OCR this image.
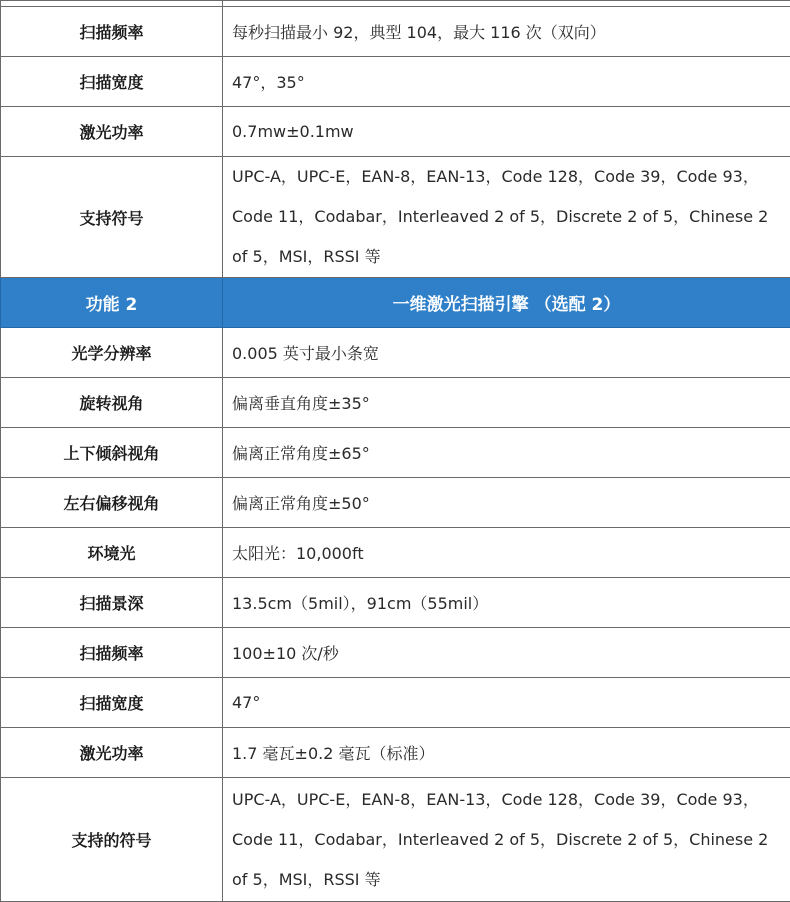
扫描频率	每秒扫描最小 92，典型 104，最大 116 次（双向）
扫描宽度	47°，35°
激光功率	0.7mw±0.1mw
支持符号	UPC-A，UPC-E，EAN-8，EAN-13，Code 128，Code 39，Code 93，Code 11，Codabar，Interleaved 2 of 5，Discrete 2 of 5，Chinese 2 of 5，MSI，RSSI 等
功能 2	一维激光扫描引擎 （选配 2）
光学分辨率	0.005 英寸最小条宽
旋转视角	偏离垂直角度±35°
上下倾斜视角	偏离正常角度±65°
左右偏移视角	偏离正常角度±50°
环境光	太阳光：10,000ft
扫描景深	13.5cm（5mil），91cm（55mil）
扫描频率	100±10 次/秒
扫描宽度	47°
激光功率	1.7 毫瓦±0.2 毫瓦（标准）
支持的符号	UPC-A，UPC-E，EAN-8，EAN-13，Code 128，Code 39，Code 93，Code 11，Codabar，Interleaved 2 of 5，Discrete 2 of 5，Chinese 2 of 5，MSI，RSSI 等
